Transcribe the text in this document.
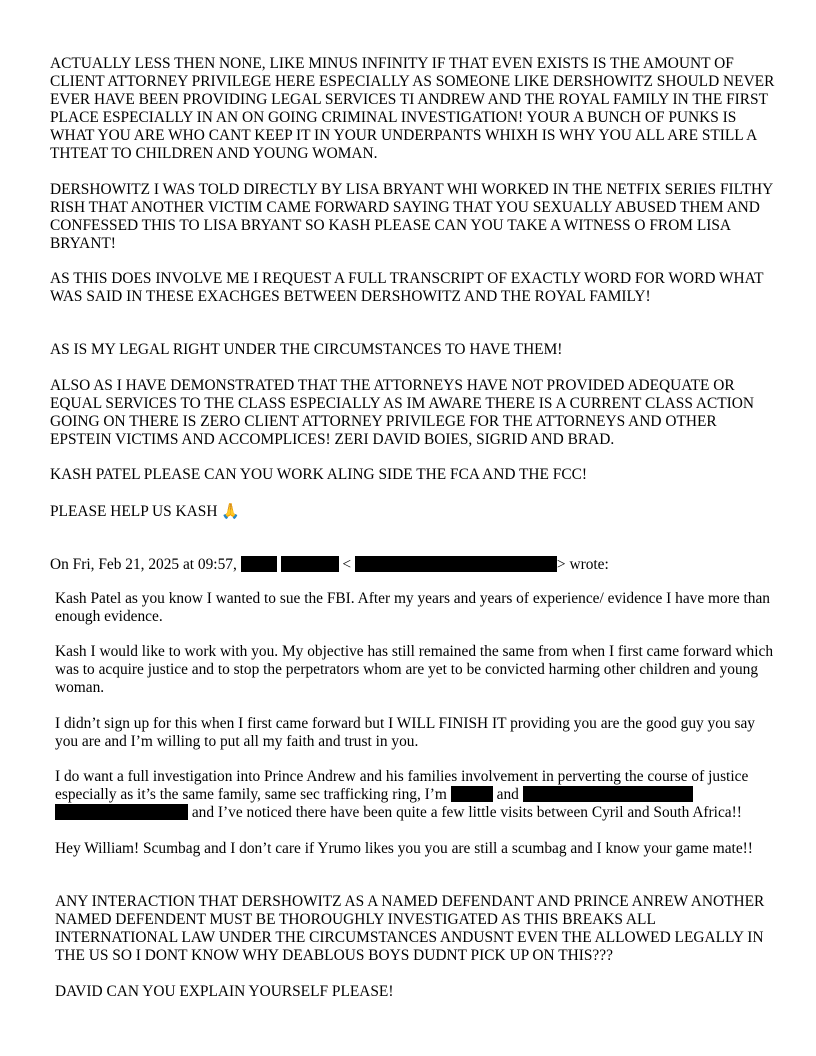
ACTUALLY LESS THEN NONE, LIKE MINUS INFINITY IF THAT EVEN EXISTS IS THE AMOUNT OF CLIENT ATTORNEY PRIVILEGE HERE ESPECIALLY AS SOMEONE LIKE DERSHOWITZ SHOULD NEVER EVER HAVE BEEN PROVIDING LEGAL SERVICES TI ANDREW AND THE ROYAL FAMILY IN THE FIRST PLACE ESPECIALLY IN AN ON GOING CRIMINAL INVESTIGATION! YOUR A BUNCH OF PUNKS IS WHAT YOU ARE WHO CANT KEEP IT IN YOUR UNDERPANTS WHIXH IS WHY YOU ALL ARE STILL A THTEAT TO CHILDREN AND YOUNG WOMAN.

DERSHOWITZ I WAS TOLD DIRECTLY BY LISA BRYANT WHI WORKED IN THE NETFIX SERIES FILTHY RISH THAT ANOTHER VICTIM CAME FORWARD SAYING THAT YOU SEXUALLY ABUSED THEM AND CONFESSED THIS TO LISA BRYANT SO KASH PLEASE CAN YOU TAKE A WITNESS O FROM LISA BRYANT!

AS THIS DOES INVOLVE ME I REQUEST A FULL TRANSCRIPT OF EXACTLY WORD FOR WORD WHAT WAS SAID IN THESE EXACHGES BETWEEN DERSHOWITZ AND THE ROYAL FAMILY!

AS IS MY LEGAL RIGHT UNDER THE CIRCUMSTANCES TO HAVE THEM!

ALSO AS I HAVE DEMONSTRATED THAT THE ATTORNEYS HAVE NOT PROVIDED ADEQUATE OR EQUAL SERVICES TO THE CLASS ESPECIALLY AS IM AWARE THERE IS A CURRENT CLASS ACTION GOING ON THERE IS ZERO CLIENT ATTORNEY PRIVILEGE FOR THE ATTORNEYS AND OTHER EPSTEIN VICTIMS AND ACCOMPLICES! ZERI DAVID BOIES, SIGRID AND BRAD.

KASH PATEL PLEASE CAN YOU WORK ALING SIDE THE FCA AND THE FCC!

PLEASE HELP US KASH 🙏

On Fri, Feb 21, 2025 at 09:57,	<	> wrote:

Kash Patel as you know I wanted to sue the FBI. After my years and years of experience/ evidence I have more than enough evidence.

Kash I would like to work with you. My objective has still remained the same from when I first came forward which was to acquire justice and to stop the perpetrators whom are yet to be convicted harming other children and young woman.

I didn’t sign up for this when I first came forward but I WILL FINISH IT providing you are the good guy you say you are and I’m willing to put all my faith and trust in you.

I do want a full investigation into Prince Andrew and his families involvement in perverting the course of justice especially as it’s the same family, same sec trafficking ring, I’m	and   and I’ve noticed there have been quite a few little visits between Cyril and South Africa!!

Hey William! Scumbag and I don’t care if Yrumo likes you you are still a scumbag and I know your game mate!!

ANY INTERACTION THAT DERSHOWITZ AS A NAMED DEFENDANT AND PRINCE ANREW ANOTHER NAMED DEFENDENT MUST BE THOROUGHLY INVESTIGATED AS THIS BREAKS ALL INTERNATIONAL LAW UNDER THE CIRCUMSTANCES ANDUSNT EVEN THE ALLOWED LEGALLY IN THE US SO I DONT KNOW WHY DEABLOUS BOYS DUDNT PICK UP ON THIS???

DAVID CAN YOU EXPLAIN YOURSELF PLEASE!
